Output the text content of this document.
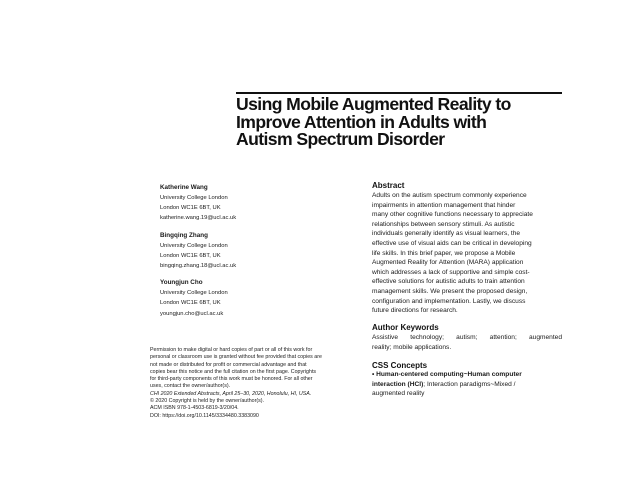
Using Mobile Augmented Reality to
Improve Attention in Adults with
Autism Spectrum Disorder
Katherine Wang
University College London
London WC1E 6BT, UK
katherine.wang.19@ucl.ac.uk
Bingqing Zhang
University College London
London WC1E 6BT, UK
bingqing.zhang.18@ucl.ac.uk
Youngjun Cho
University College London
London WC1E 6BT, UK
youngjun.cho@ucl.ac.uk
Permission to make digital or hard copies of part or all of this work for
personal or classroom use is granted without fee provided that copies are
not made or distributed for profit or commercial advantage and that
copies bear this notice and the full citation on the first page. Copyrights
for third-party components of this work must be honored. For all other
uses, contact the owner/author(s).
CHI 2020 Extended Abstracts, April 25–30, 2020, Honolulu, HI, USA.
© 2020 Copyright is held by the owner/author(s).
ACM ISBN 978-1-4503-6819-3/20/04.
DOI: https://doi.org/10.1145/3334480.3383090
Abstract
Adults on the autism spectrum commonly experience
impairments in attention management that hinder
many other cognitive functions necessary to appreciate
relationships between sensory stimuli. As autistic
individuals generally identify as visual learners, the
effective use of visual aids can be critical in developing
life skills. In this brief paper, we propose a Mobile
Augmented Reality for Attention (MARA) application
which addresses a lack of supportive and simple cost-
effective solutions for autistic adults to train attention
management skills. We present the proposed design,
configuration and implementation. Lastly, we discuss
future directions for research.
Author Keywords
Assistive technology; autism; attention; augmented
reality; mobile applications.
CSS Concepts
• Human-centered computing~Human computer
interaction (HCI); Interaction paradigms~Mixed /
augmented reality
